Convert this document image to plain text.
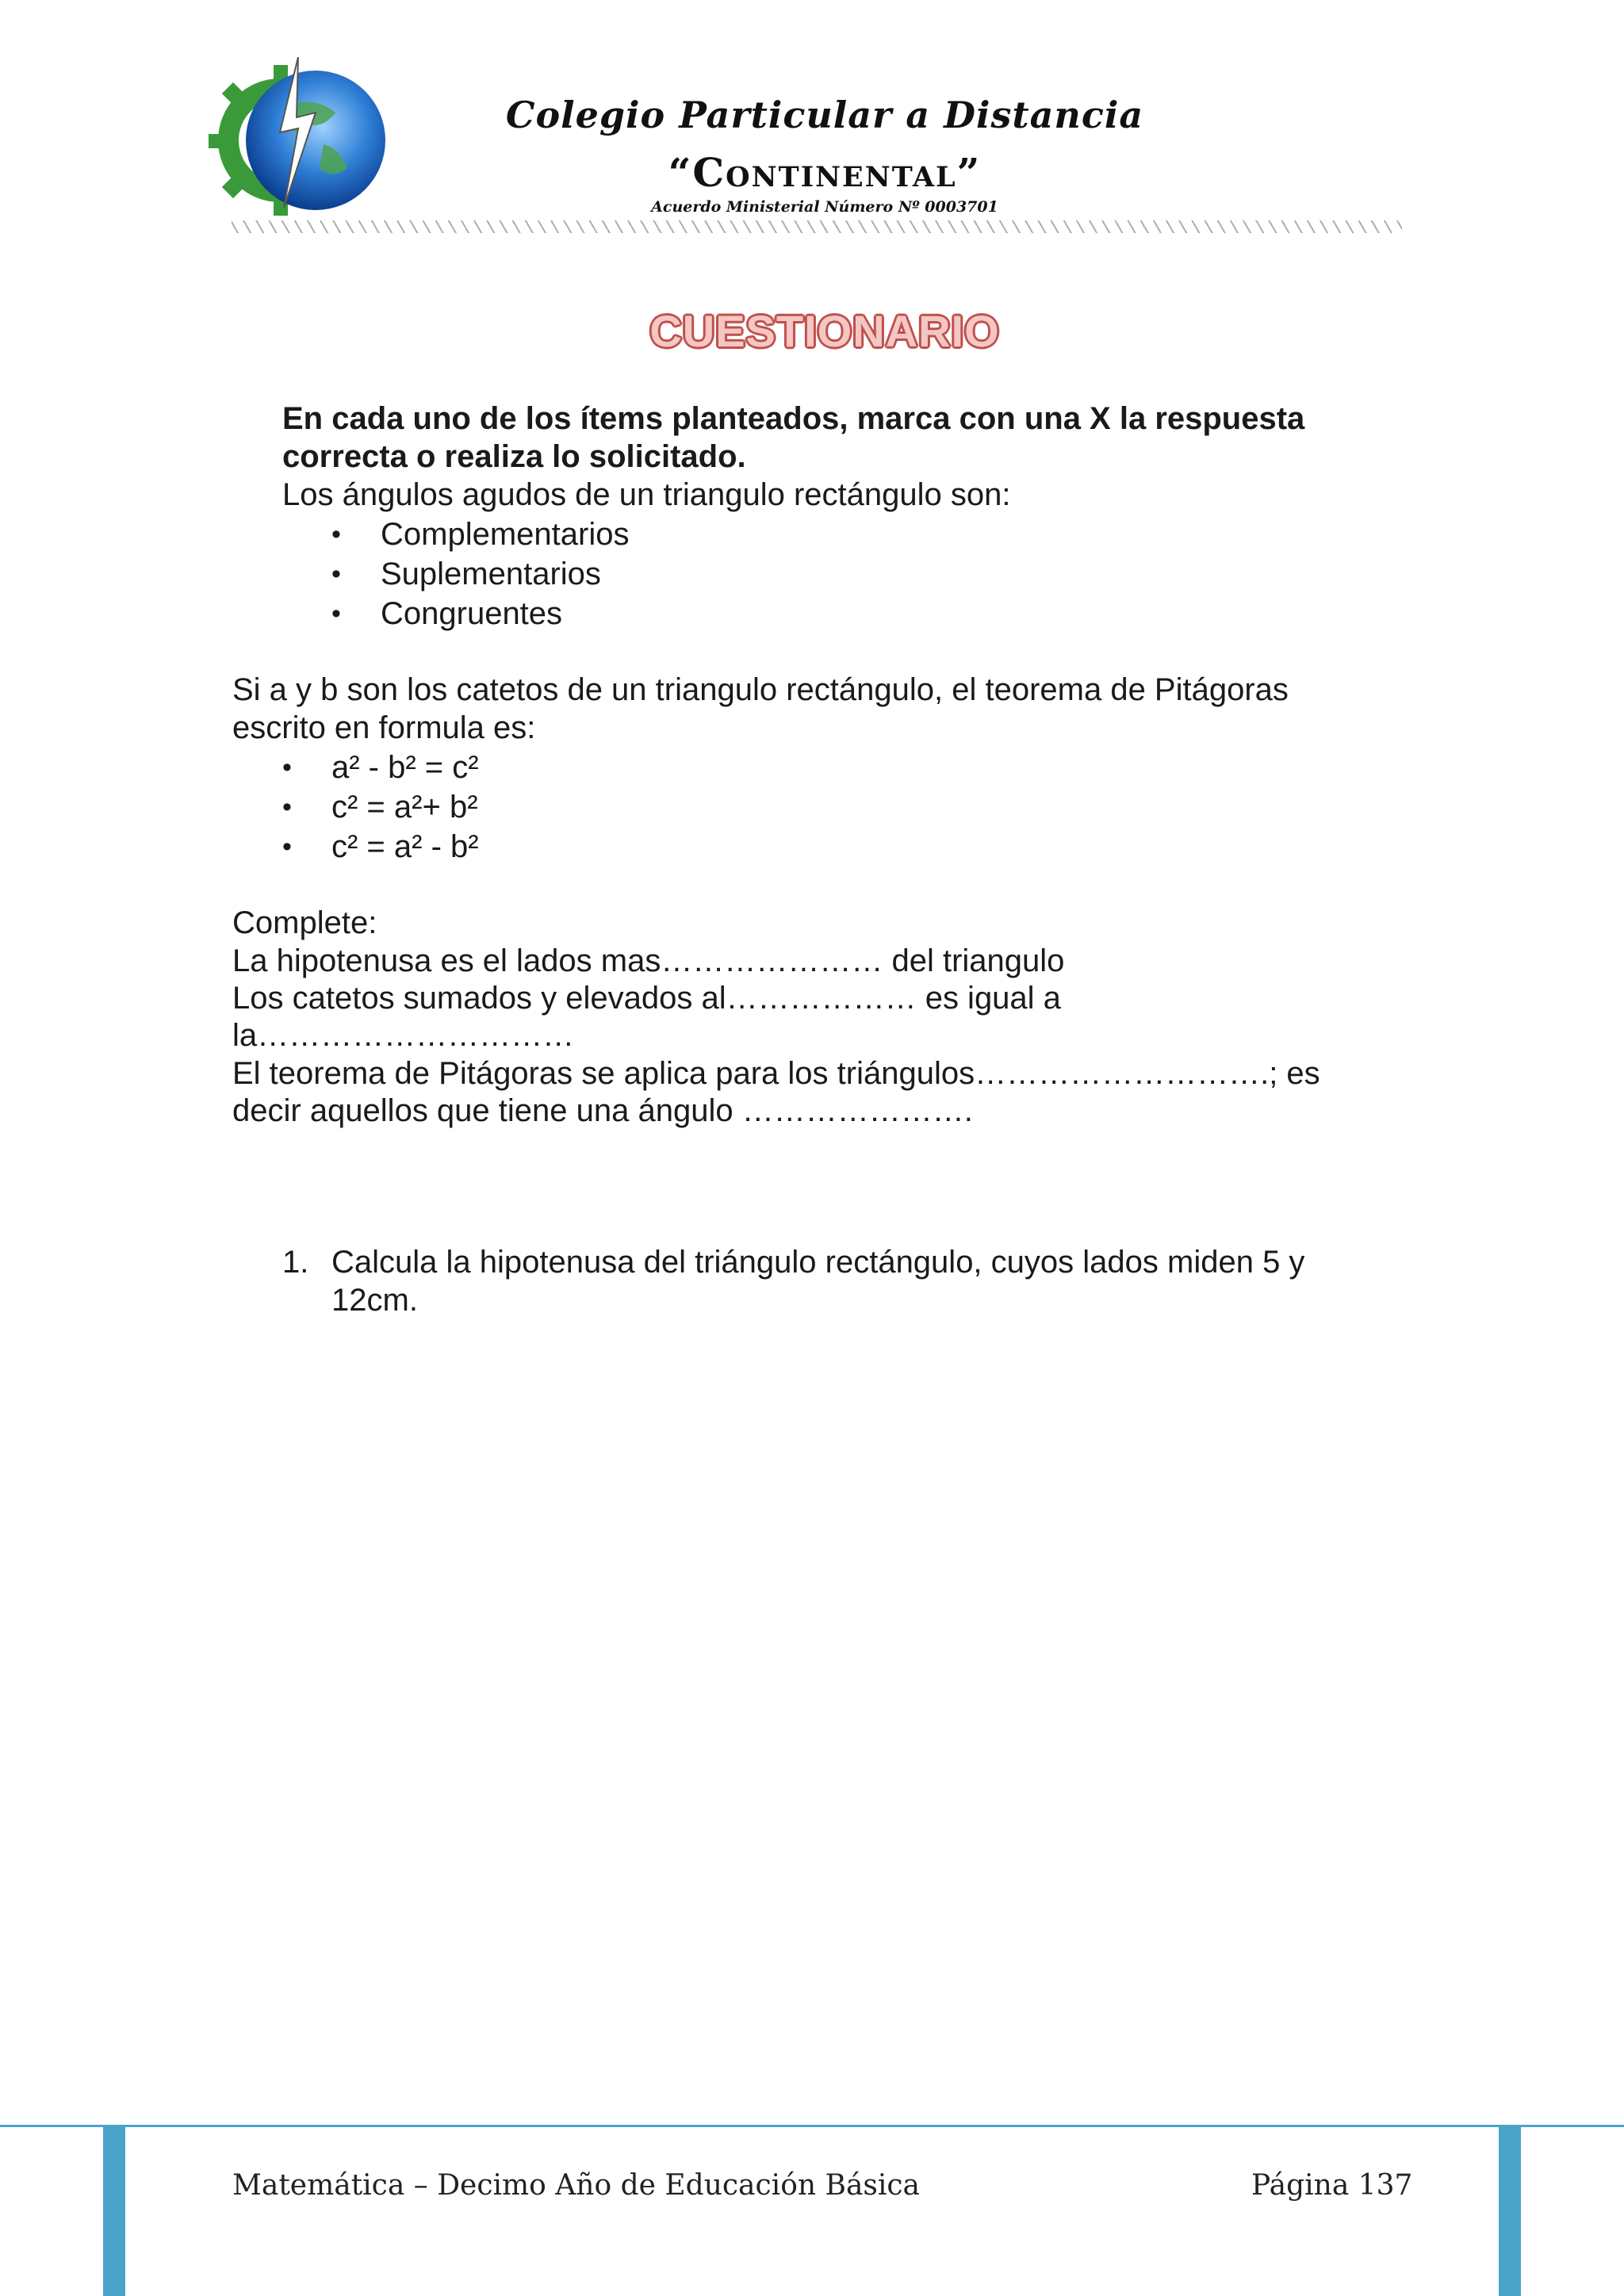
Colegio Particular a Distancia
“Continental”
Acuerdo Ministerial Número Nº 0003701
CUESTIONARIO
En cada uno de los ítems planteados, marca con una X la respuesta
correcta o realiza lo solicitado.
Los ángulos agudos de un triangulo rectángulo son:
• Complementarios
• Suplementarios
• Congruentes
Si a y b son los catetos de un triangulo rectángulo, el teorema de Pitágoras
escrito en formula es:
• a² - b² = c²
• c² = a²+ b²
• c² = a² - b²
Complete:
La hipotenusa es el lados mas………………… del triangulo
Los catetos sumados y elevados al……………… es igual a
la…………………………
El teorema de Pitágoras se aplica para los triángulos……………………….; es
decir aquellos que tiene una ángulo ………………….
1. Calcula la hipotenusa del triángulo rectángulo, cuyos lados miden 5 y
12cm.
Matemática – Decimo Año de Educación Básica	Página 137
